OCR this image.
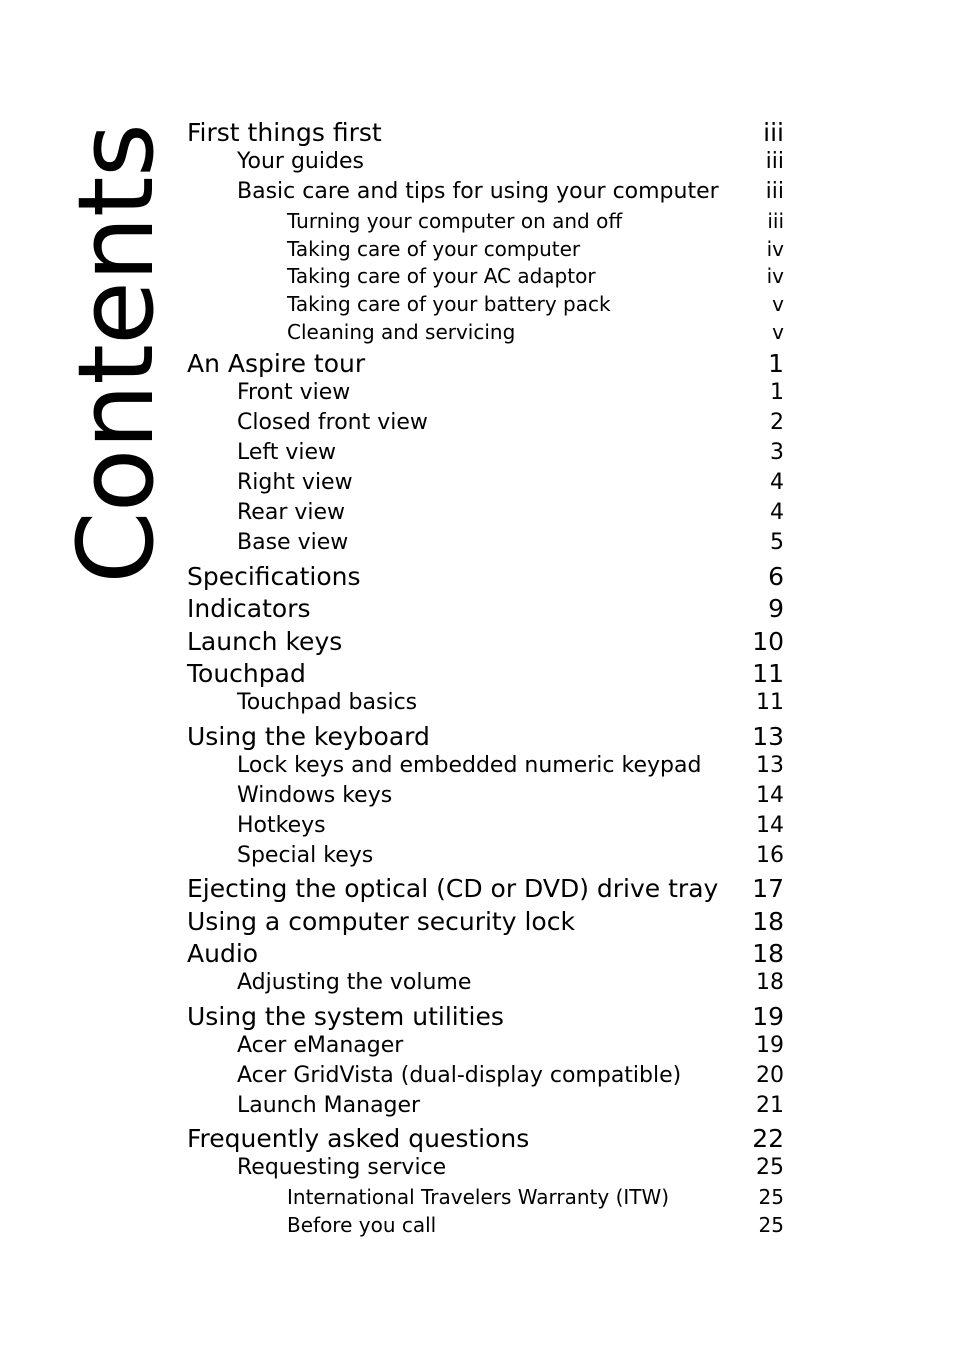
Contents First things first	iii
Your guides	iii
Basic care and tips for using your computer iii
Turning your computer on and off	iii
Taking care of your computer	iv
Taking care of your AC adaptor	iv
Taking care of your battery pack	v
Cleaning and servicing	v
An Aspire tour	1
Front view	1
Closed front view	2
Left view	3
Right view	4
Rear view	4
Base view	5
Specifications	6
Indicators	9
Launch keys	10
Touchpad	11
Touchpad basics	11
Using the keyboard	13
Lock keys and embedded numeric keypad 13
Windows keys	14
Hotkeys	14
Special keys	16
Ejecting the optical (CD or DVD) drive tray 17
Using a computer security lock	18
Audio	18
Adjusting the volume	18
Using the system utilities	19
Acer eManager	19
Acer GridVista (dual-display compatible)	20
Launch Manager	21
Frequently asked questions	22
Requesting service	25
International Travelers Warranty (ITW)	25
Before you call	25
